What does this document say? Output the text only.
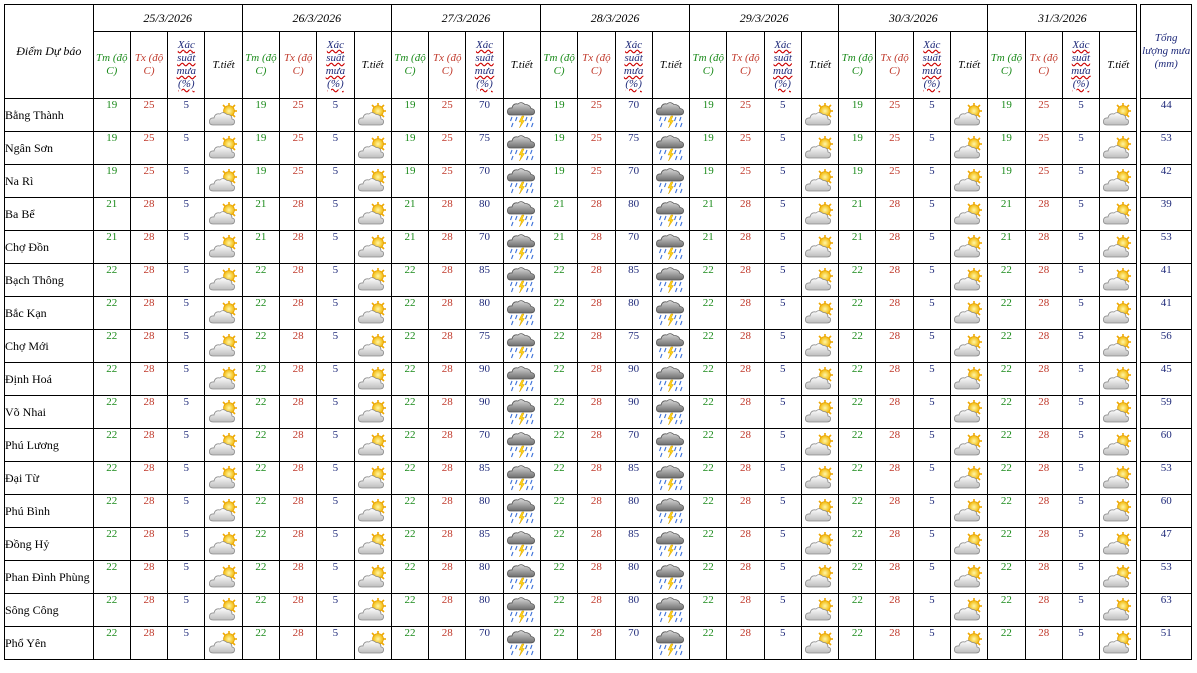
Điểm Dự báo	25/3/2026				26/3/2026				27/3/2026				28/3/2026				29/3/2026				30/3/2026				31/3/2026					Tổng lượng mưa (mm)
	Tm (độ C)	Tx (độ C)	Xác suất mưa (%)	T.tiết	Tm (độ C)	Tx (độ C)	Xác suất mưa (%)	T.tiết	Tm (độ C)	Tx (độ C)	Xác suất mưa (%)	T.tiết	Tm (độ C)	Tx (độ C)	Xác suất mưa (%)	T.tiết	Tm (độ C)	Tx (độ C)	Xác suất mưa (%)	T.tiết	Tm (độ C)	Tx (độ C)	Xác suất mưa (%)	T.tiết	Tm (độ C)	Tx (độ C)	Xác suất mưa (%)	T.tiết		
Bằng Thành	19	25	5		19	25	5		19	25	70		19	25	70		19	25	5		19	25	5		19	25	5			44
Ngân Sơn	19	25	5		19	25	5		19	25	75		19	25	75		19	25	5		19	25	5		19	25	5			53
Na Rì	19	25	5		19	25	5		19	25	70		19	25	70		19	25	5		19	25	5		19	25	5			42
Ba Bể	21	28	5		21	28	5		21	28	80		21	28	80		21	28	5		21	28	5		21	28	5			39
Chợ Đồn	21	28	5		21	28	5		21	28	70		21	28	70		21	28	5		21	28	5		21	28	5			53
Bạch Thông	22	28	5		22	28	5		22	28	85		22	28	85		22	28	5		22	28	5		22	28	5			41
Bắc Kạn	22	28	5		22	28	5		22	28	80		22	28	80		22	28	5		22	28	5		22	28	5			41
Chợ Mới	22	28	5		22	28	5		22	28	75		22	28	75		22	28	5		22	28	5		22	28	5			56
Định Hoá	22	28	5		22	28	5		22	28	90		22	28	90		22	28	5		22	28	5		22	28	5			45
Võ Nhai	22	28	5		22	28	5		22	28	90		22	28	90		22	28	5		22	28	5		22	28	5			59
Phú Lương	22	28	5		22	28	5		22	28	70		22	28	70		22	28	5		22	28	5		22	28	5			60
Đại Từ	22	28	5		22	28	5		22	28	85		22	28	85		22	28	5		22	28	5		22	28	5			53
Phú Bình	22	28	5		22	28	5		22	28	80		22	28	80		22	28	5		22	28	5		22	28	5			60
Đồng Hỷ	22	28	5		22	28	5		22	28	85		22	28	85		22	28	5		22	28	5		22	28	5			47
Phan Đình Phùng	22	28	5		22	28	5		22	28	80		22	28	80		22	28	5		22	28	5		22	28	5			53
Sông Công	22	28	5		22	28	5		22	28	80		22	28	80		22	28	5		22	28	5		22	28	5			63
Phổ Yên	22	28	5		22	28	5		22	28	70		22	28	70		22	28	5		22	28	5		22	28	5			51
